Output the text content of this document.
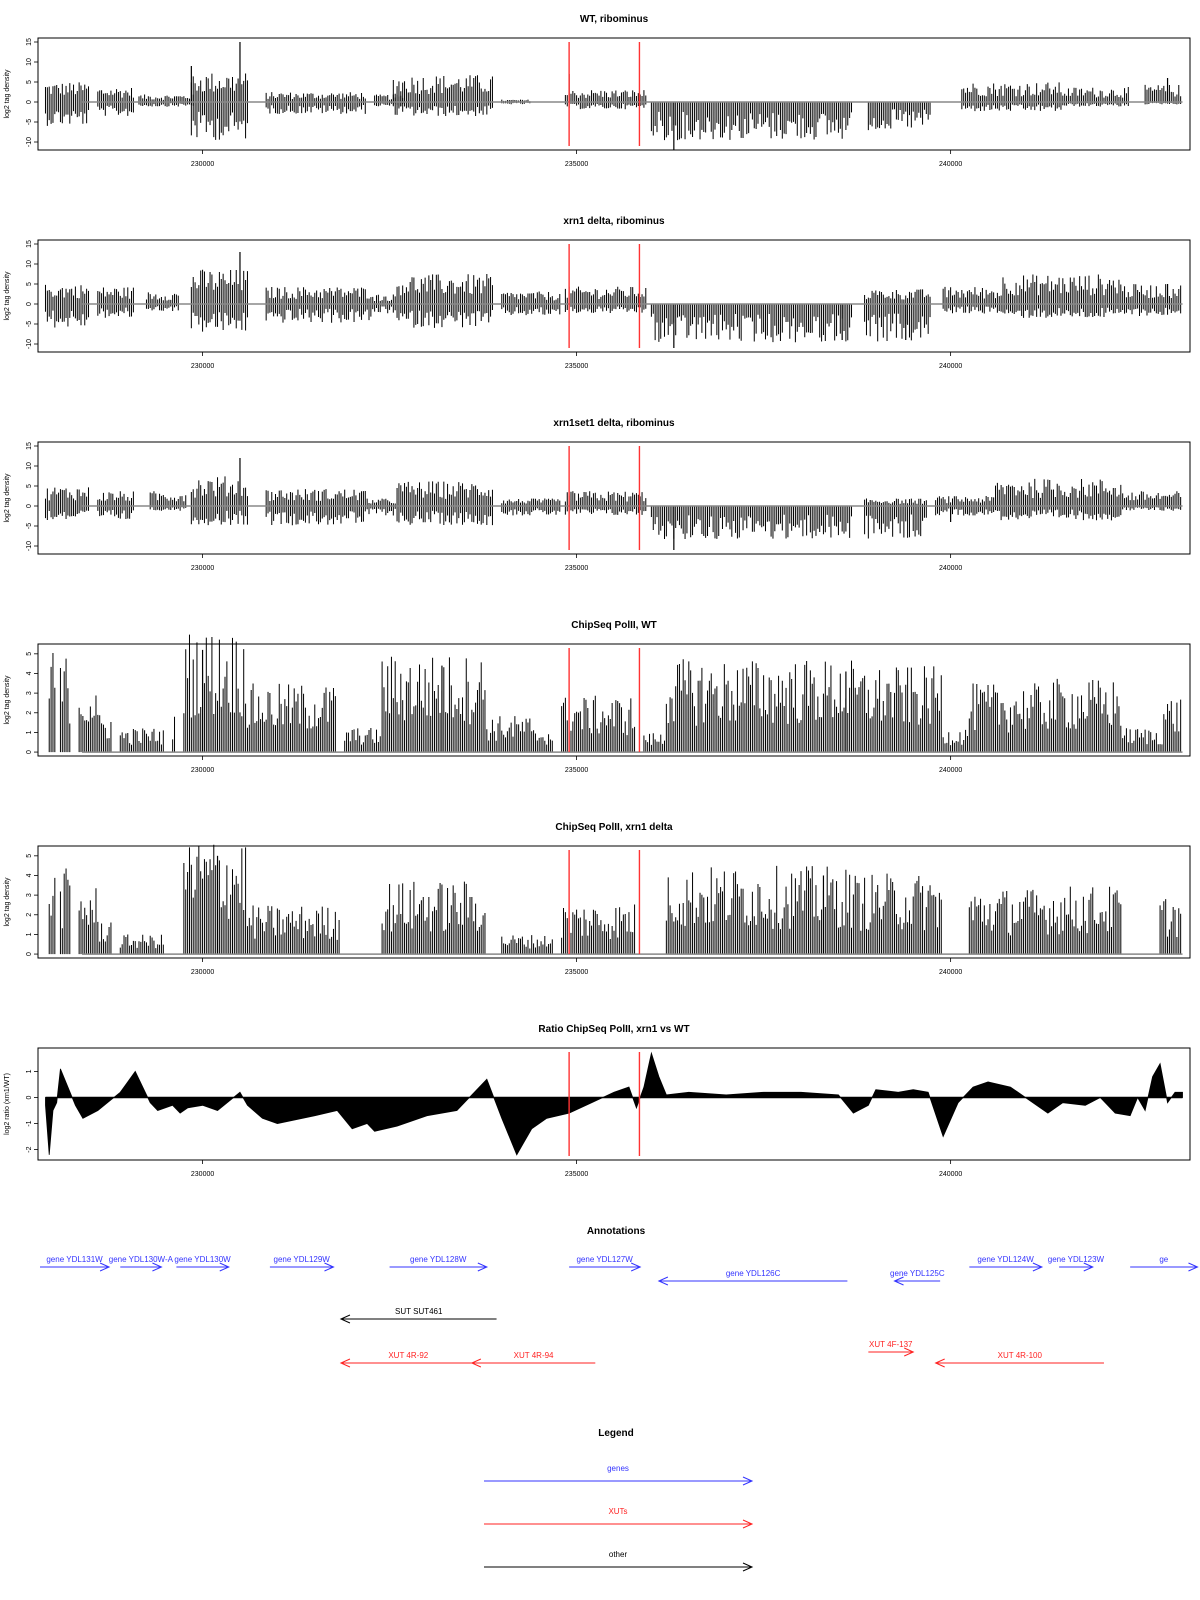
WT, ribominus
log2 tag density
15
10
5
0
-5
-10
230000	235000	240000
xrn1 delta, ribominus
log2 tag density
15
10
5
0
-5
-10
230000	235000	240000
xrn1set1 delta, ribominus
log2 tag density
15
10
5
0
-5
-10
230000	235000	240000
ChipSeq PolII, WT
log2 tag density
0
1
2
3
4
5
230000	235000	240000
ChipSeq PolII, xrn1 delta
log2 tag density
0
1
2
3
4
5
230000	235000	240000
Ratio ChipSeq PolII, xrn1 vs WT
log2 ratio (xrn1/WT)
1
0
-1
-2
230000	235000	240000
Annotations
gene YDL131W gene YDL130W-A gene YDL130W	gene YDL129W	gene YDL128W	gene YDL127W
gene YDL126C	gene YDL125C
gene YDL124W gene YDL123W	ge
SUT SUT461
XUT 4R-92	XUT 4R-94
XUT 4F-137
XUT 4R-100
Legend
genes
XUTs
other
